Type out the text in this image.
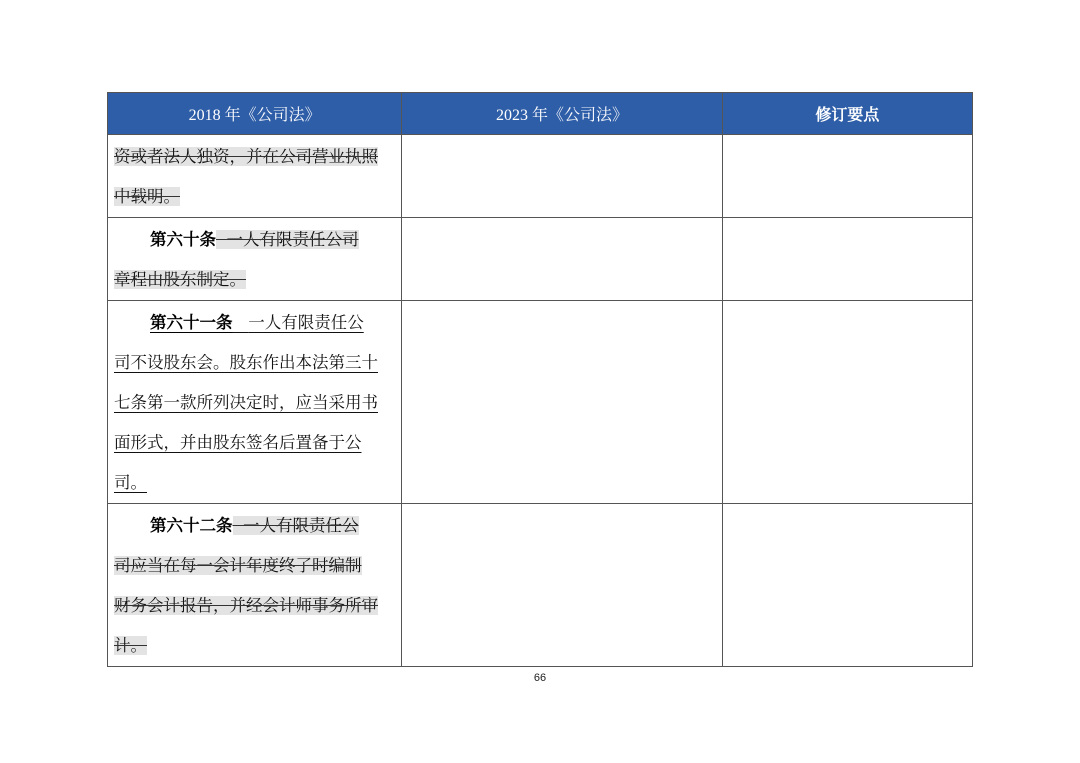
2018 年《公司法》	2023 年《公司法》	修订要点

资或者法人独资，并在公司营业执照
中载明。		

第六十条 一人有限责任公司
章程由股东制定。		

第六十一条 一人有限责任公
司不设股东会。股东作出本法第三十
七条第一款所列决定时，应当采用书
面形式，并由股东签名后置备于公
司。		

第六十二条 一人有限责任公
司应当在每一会计年度终了时编制
财务会计报告，并经会计师事务所审
计。		

66
